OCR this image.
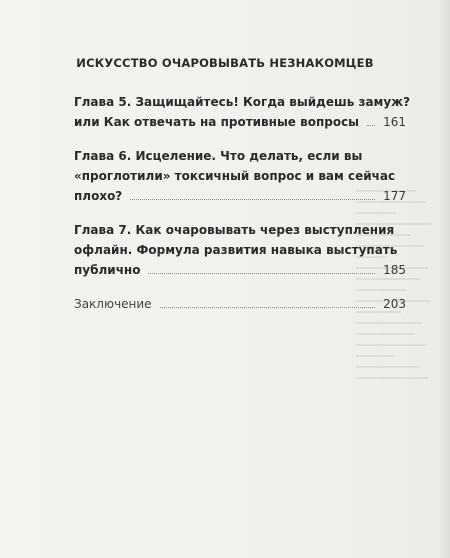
ИСКУССТВО ОЧАРОВЫВАТЬ НЕЗНАКОМЦЕВ
Глава 5. Защищайтесь! Когда выйдешь замуж?
или Как отвечать на противные вопросы 161
Глава 6. Исцеление. Что делать, если вы
«проглотили» токсичный вопрос и вам сейчас
плохо?	177
Глава 7. Как очаровывать через выступления
офлайн. Формула развития навыка выступать
публично	185
Заключение	203
